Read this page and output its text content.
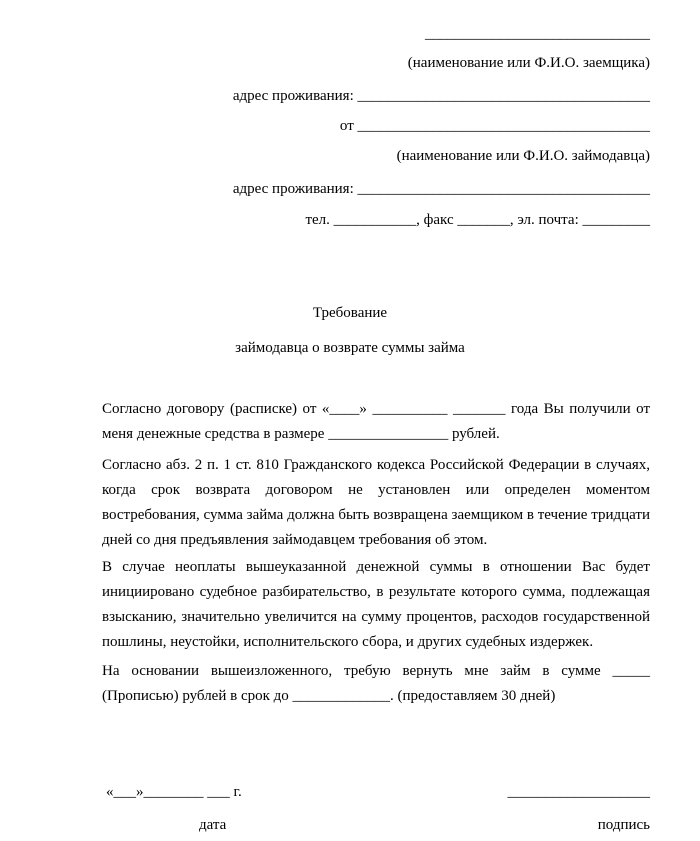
______________________________
(наименование или Ф.И.О. заемщика)
адрес проживания: _______________________________________
от _______________________________________
(наименование или Ф.И.О. займодавца)
адрес проживания: _______________________________________
тел. ___________, факс _______, эл. почта: _________
Требование
займодавца о возврате суммы займа
Согласно договору (расписке) от «____» __________ _______ года Вы получили от меня денежные средства в размере ________________ рублей.
Согласно абз. 2 п. 1 ст. 810 Гражданского кодекса Российской Федерации в случаях, когда срок возврата договором не установлен или определен моментом востребования, сумма займа должна быть возвращена заемщиком в течение тридцати дней со дня предъявления займодавцем требования об этом.
В случае неоплаты вышеуказанной денежной суммы в отношении Вас будет инициировано судебное разбирательство, в результате которого сумма, подлежащая взысканию, значительно увеличится на сумму процентов, расходов государственной пошлины, неустойки, исполнительского сбора, и других судебных издержек.
На основании вышеизложенного, требую вернуть мне займ в сумме _____ (Прописью) рублей в срок до _____________. (предоставляем 30 дней)
«___»________ ___ г.	___________________
дата	подпись
